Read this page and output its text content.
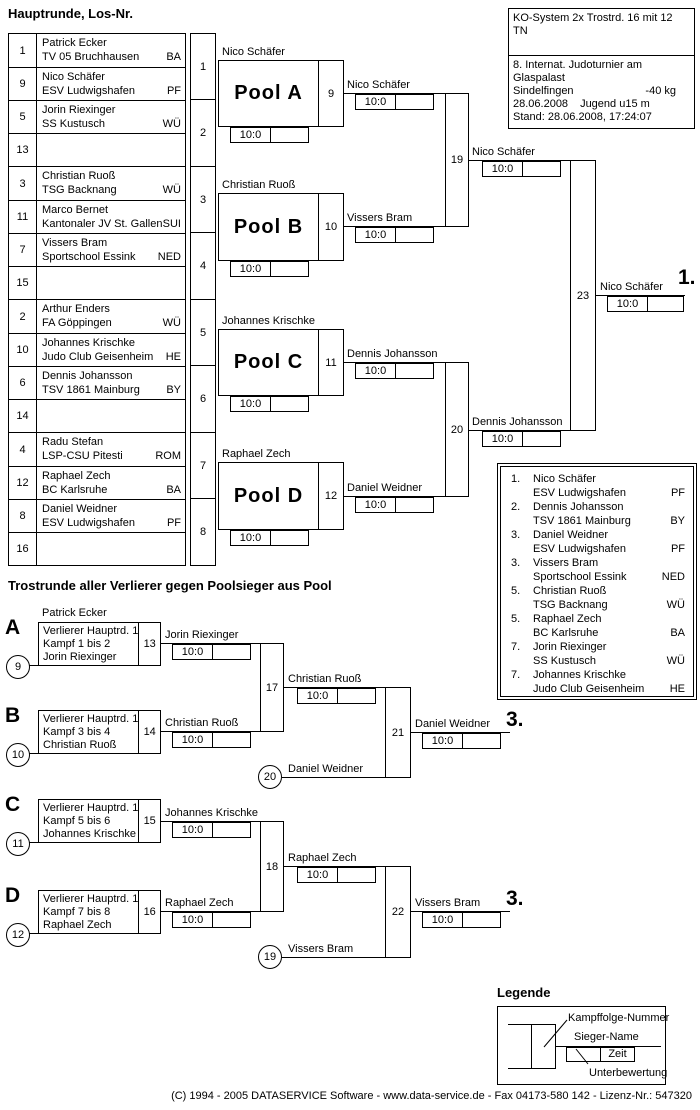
Hauptrunde, Los-Nr.	KO-System 2x Trostrd. 16 mit 12 TN
8. Internat. Judoturnier am Glaspalast
Sindelfingen	-40 kg
28.06.2008	Jugend u15 m
Stand: 28.06.2008, 17:24:07
1
Patrick Ecker
TV 05 Bruchhausen BA
9
Nico Schäfer
ESV Ludwigshafen	PF
5
Jorin Riexinger
SS Kustusch	WÜ
13
1
2
3
Christian Ruoß
TSG Backnang	WÜ
11
Marco Bernet
Kantonaler JV St. Gallen SUI
7
Vissers Bram
Sportschool Essink NED
15
3
4
2
Arthur Enders
FA Göppingen	WÜ
10
Johannes Krischke
Judo Club Geisenheim HE
6
Dennis Johansson
TSV 1861 Mainburg BY
14
5
6
4
Radu Stefan
LSP-CSU Pitesti	ROM
12
Raphael Zech
BC Karlsruhe	BA
8
Daniel Weidner
ESV Ludwigshafen	PF
16
7
8
Nico Schäfer
10:0
Christian Ruoß
10:0
Johannes Krischke
10:0
Raphael Zech
10:0
Pool A	9
Pool B	10
Pool C	11
Pool D	12
Nico Schäfer
10:0
Vissers Bram
10:0
Dennis Johansson
10:0
Daniel Weidner
10:0
19
20
Nico Schäfer
10:0
Dennis Johansson
10:0
23
Nico Schäfer
10:0
1.
1. Nico Schäfer
ESV Ludwigshafen	PF
2. Dennis Johansson
TSV 1861 Mainburg	BY
3. Daniel Weidner
ESV Ludwigshafen	PF
3. Vissers Bram
Sportschool Essink	NED
5. Christian Ruoß
TSG Backnang	WÜ
5. Raphael Zech
BC Karlsruhe	BA
7. Jorin Riexinger
SS Kustusch	WÜ
7. Johannes Krischke
Judo Club Geisenheim HE
Trostrunde aller Verlierer gegen Poolsieger aus Pool
A
Patrick Ecker
Verlierer Hauptrd. 1
Kampf 1 bis 2
Jorin Riexinger
13
9
Jorin Riexinger
10:0
B Verlierer Hauptrd. 1
Kampf 3 bis 4
Christian Ruoß
14
10
Christian Ruoß
10:0
17
Christian Ruoß
10:0
20
Daniel Weidner
21
Daniel Weidner
10:0
3.
C Verlierer Hauptrd. 1
Kampf 5 bis 6
Johannes Krischke
15
11
Johannes Krischke
10:0
D Verlierer Hauptrd. 1
Kampf 7 bis 8
Raphael Zech
16
12
Raphael Zech
10:0
18
Raphael Zech
10:0
19
Vissers Bram
22
Vissers Bram
10:0
3.
Legende
Kampffolge-Nummer
Sieger-Name
Zeit
Unterbewertung
(C) 1994 - 2005 DATASERVICE Software - www.data-service.de - Fax 04173-580 142 - Lizenz-Nr.: 547320
